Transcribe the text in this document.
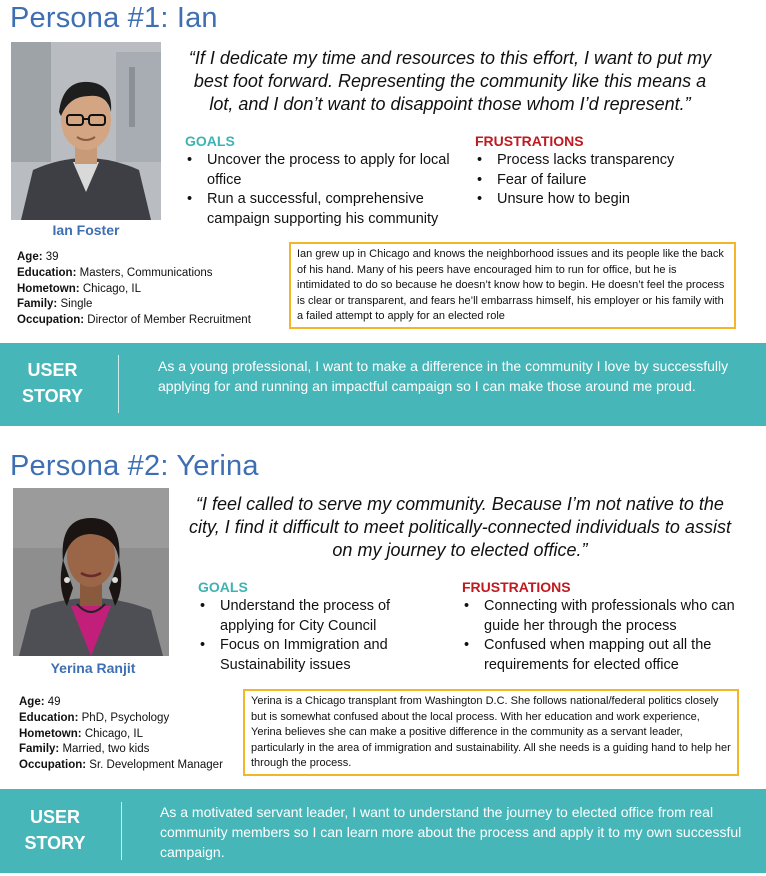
Persona #1: Ian
Ian Foster
“If I dedicate my time and resources to this effort, I want to put my best foot forward. Representing the community like this means a lot, and I don’t want to disappoint those whom I’d represent.”
GOALS
• Uncover the process to apply for local office
• Run a successful, comprehensive campaign supporting his community
FRUSTRATIONS
• Process lacks transparency
• Fear of failure
• Unsure how to begin
Age: 39
Education: Masters, Communications
Hometown: Chicago, IL
Family: Single
Occupation: Director of Member Recruitment
Ian grew up in Chicago and knows the neighborhood issues and its people like the back of his hand. Many of his peers have encouraged him to run for office, but he is intimidated to do so because he doesn’t know how to begin. He doesn’t feel the process is clear or transparent, and fears he’ll embarrass himself, his employer or his family with a failed attempt to apply for an elected role
USER
STORY
As a young professional, I want to make a difference in the community I love by successfully applying for and running an impactful campaign so I can make those around me proud.
Persona #2: Yerina
Yerina Ranjit
“I feel called to serve my community. Because I’m not native to the city, I find it difficult to meet politically-connected individuals to assist on my journey to elected office.”
GOALS
• Understand the process of applying for City Council
• Focus on Immigration and Sustainability issues
FRUSTRATIONS
• Connecting with professionals who can guide her through the process
• Confused when mapping out all the requirements for elected office
Age: 49
Education: PhD, Psychology
Hometown: Chicago, IL
Family: Married, two kids
Occupation: Sr. Development Manager
Yerina is a Chicago transplant from Washington D.C. She follows national/federal politics closely but is somewhat confused about the local process. With her education and work experience, Yerina believes she can make a positive difference in the community as a servant leader, particularly in the area of immigration and sustainability. All she needs is a guiding hand to help her through the process.
USER
STORY
As a motivated servant leader, I want to understand the journey to elected office from real community members so I can learn more about the process and apply it to my own successful campaign.
